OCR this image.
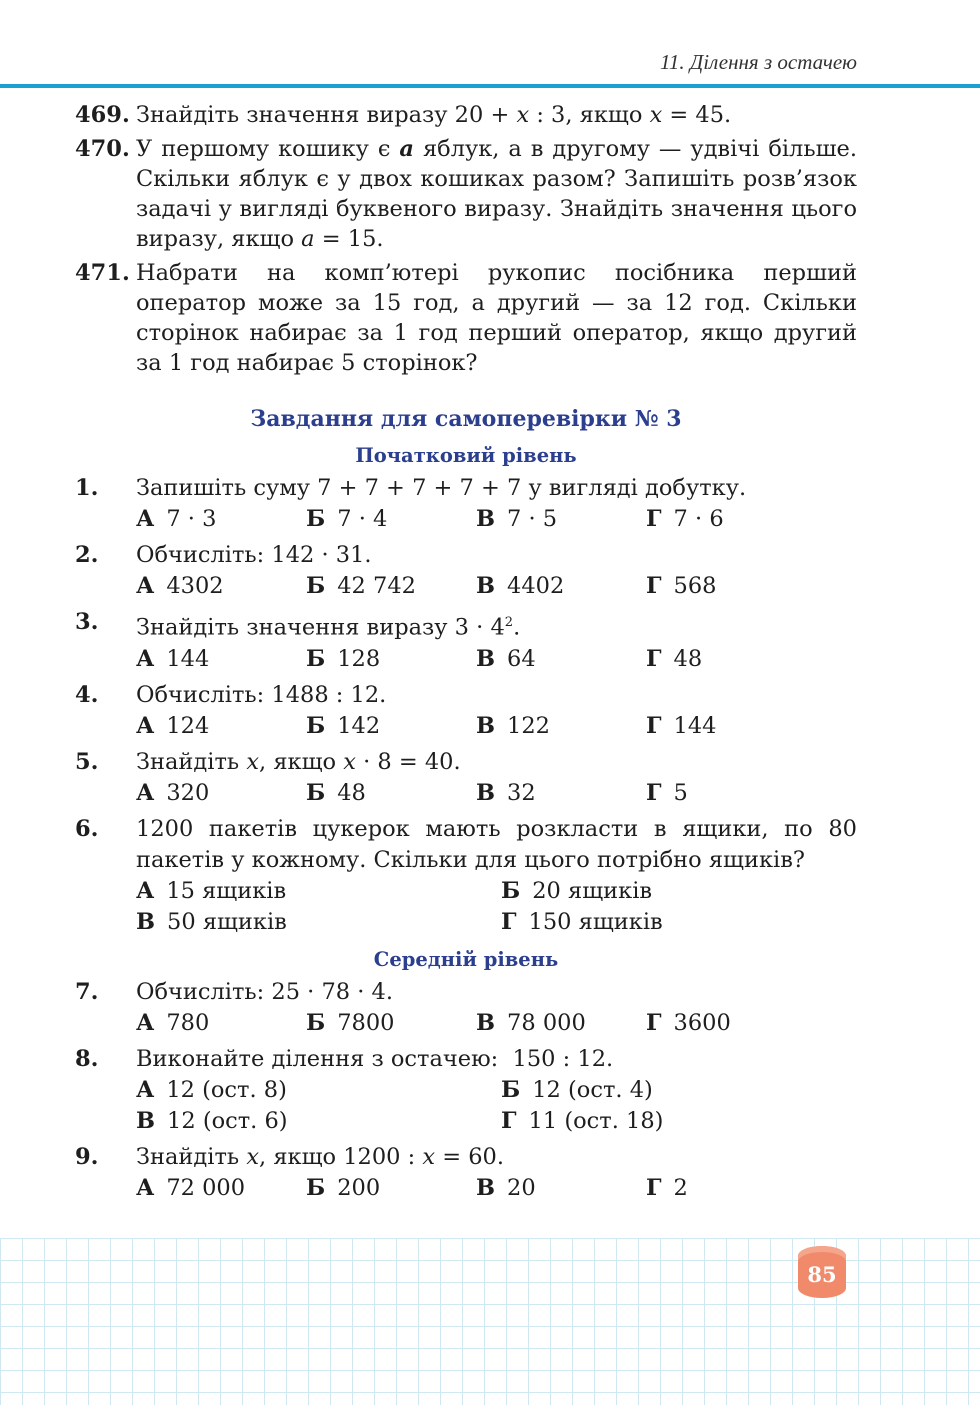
11. Ділення з остачею
469. Знайдіть значення виразу 20 + x : 3, якщо x = 45.
470. У першому кошику є a яблук, а в другому — удвічі більше. Скільки яблук є у двох кошиках разом? Запишіть розв’язок задачі у вигляді буквеного виразу. Знайдіть значення цього виразу, якщо a = 15.
471. Набрати на комп’ютері рукопис посібника перший оператор може за 15 год, а другий — за 12 год. Скільки сторінок набирає за 1 год перший оператор, якщо другий за 1 год набирає 5 сторінок?
Завдання для самоперевірки № 3
Початковий рівень
1.	Запишіть суму 7 + 7 + 7 + 7 + 7 у вигляді добутку.
А 7 · 3	Б 7 · 4	В 7 · 5	Г 7 · 6
2.	Обчисліть: 142 · 31.
А 4302	Б 42 742	В 4402	Г 568
3.	Знайдіть значення виразу $3 \cdot 4^2$.
А 144	Б 128	В 64	Г 48
4.	Обчисліть: 1488 : 12.
А 124	Б 142	В 122	Г 144
5.	Знайдіть x, якщо x · 8 = 40.
А 320	Б 48	В 32	Г 5
6.	1200 пакетів цукерок мають розкласти в ящики, по 80 пакетів у кожному. Скільки для цього потрібно ящиків?
А 15 ящиків	Б 20 ящиків
В 50 ящиків	Г 150 ящиків
Середній рівень
7.	Обчисліть: 25 · 78 · 4.
А 780	Б 7800	В 78 000	Г 3600
8.	Виконайте ділення з остачею:  150 : 12.
А 12 (ост. 8)	Б 12 (ост. 4)
В 12 (ост. 6)	Г 11 (ост. 18)
9.	Знайдіть x, якщо 1200 : x = 60.
А 72 000	Б 200	В 20	Г 2
85
